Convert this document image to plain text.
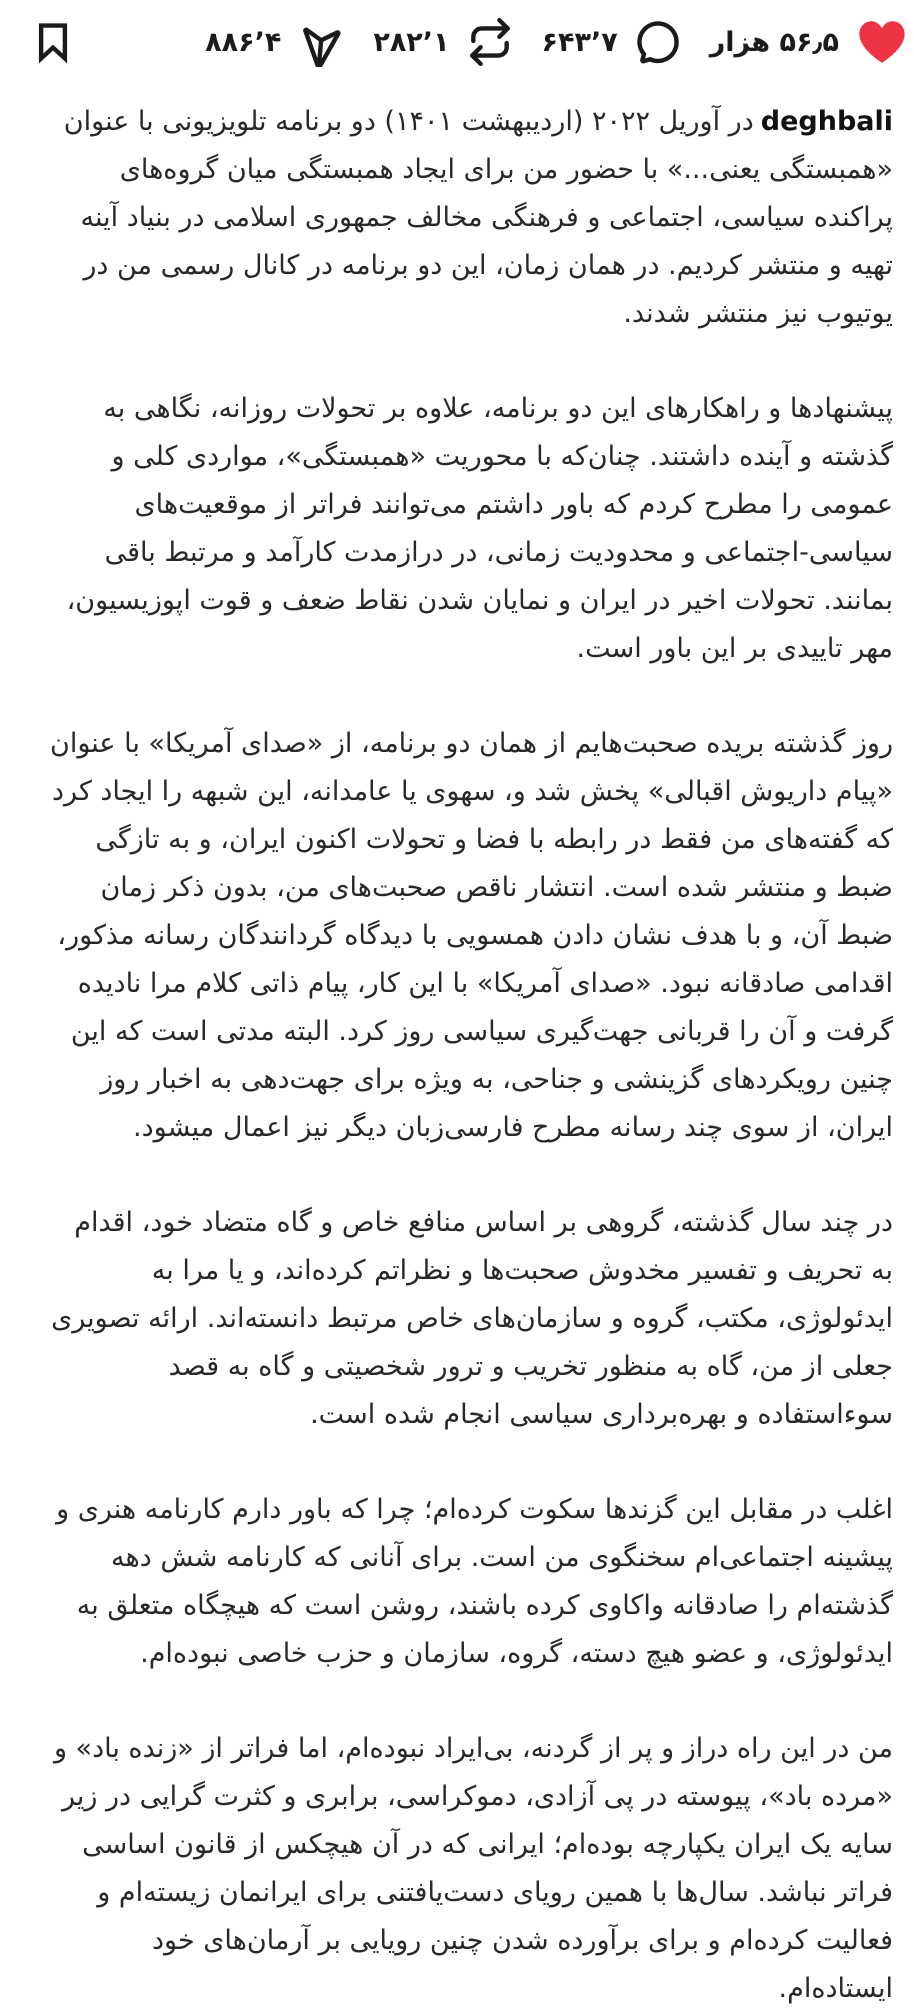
۵۶٫۵ هزار
۷’۶۴۳
۱’۲۸۲
۴’۸۸۶

deghbaliدر آوریل ۲۰۲۲ (اردیبهشت ۱۴۰۱) دو برنامه تلویزیونی با عنوان «همبستگی یعنی...» با حضور من برای ایجاد همبستگی میان گروه‌های پراکنده سیاسی، اجتماعی و فرهنگی مخالف جمهوری اسلامی در بنیاد آینه تهیه و منتشر کردیم. در همان زمان، این دو برنامه در کانال رسمی من در یوتیوب نیز منتشر شدند.

پیشنهادها و راهکارهای این دو برنامه، علاوه بر تحولات روزانه، نگاهی به گذشته و آینده داشتند. چنان‌که با محوریت «همبستگی»، مواردی کلی و عمومی را مطرح کردم که باور داشتم می‌توانند فراتر از موقعیت‌های سیاسی-اجتماعی و محدودیت زمانی، در درازمدت کارآمد و مرتبط باقی بمانند. تحولات اخیر در ایران و نمایان شدن نقاط ضعف و قوت اپوزیسیون، مهر تاییدی بر این باور است.

روز گذشته بریده صحبت‌هایم از همان دو برنامه، از «صدای آمریکا» با عنوان «پیام داریوش اقبالی» پخش شد و، سهوی یا عامدانه، این شبهه را ایجاد کرد که گفته‌های من فقط در رابطه با فضا و تحولات اکنون ایران، و به تازگی ضبط و منتشر شده است. انتشار ناقص صحبت‌های من، بدون ذکر زمان ضبط آن، و با هدف نشان دادن همسویی با دیدگاه گردانندگان رسانه مذکور، اقدامی صادقانه نبود. «صدای آمریکا» با این کار، پیام ذاتی کلام مرا نادیده گرفت و آن را قربانی جهت‌گیری سیاسی روز کرد. البته مدتی است که این چنین رویکردهای گزینشی و جناحی، به ویژه برای جهت‌دهی به اخبار روز ایران، از سوی چند رسانه مطرح فارسی‌زبان دیگر نیز اعمال میشود.

در چند سال گذشته، گروهی بر اساس منافع خاص و گاه متضاد خود، اقدام به تحریف و تفسیر مخدوش صحبت‌ها و نظراتم کرده‌اند، و یا مرا به ایدئولوژی، مکتب، گروه و سازمان‌های خاص مرتبط دانسته‌اند. ارائه تصویری جعلی از من، گاه به منظور تخریب و ترور شخصیتی و گاه به قصد سوءاستفاده و بهره‌برداری سیاسی انجام شده است.

اغلب در مقابل این گزندها سکوت کرده‌ام؛ چرا که باور دارم کارنامه هنری و پیشینه اجتماعی‌ام سخنگوی من است. برای آنانی که کارنامه شش دهه گذشته‌ام را صادقانه واکاوی کرده باشند، روشن است که هیچگاه متعلق به ایدئولوژی، و عضو هیچ دسته، گروه، سازمان و حزب خاصی نبوده‌ام.

من در این راه دراز و پر از گردنه، بی‌ایراد نبوده‌ام، اما فراتر از «زنده باد» و «مرده باد»، پیوسته در پی آزادی، دموکراسی، برابری و کثرت گرایی در زیر سایه یک ایران یکپارچه بوده‌ام؛ ایرانی که در آن هیچکس از قانون اساسی فراتر نباشد. سال‌ها با همین رویای دست‌یافتنی برای ایرانمان زیسته‌ام و فعالیت کرده‌ام و برای برآورده شدن چنین رویایی بر آرمان‌های خود ایستاده‌ام.
